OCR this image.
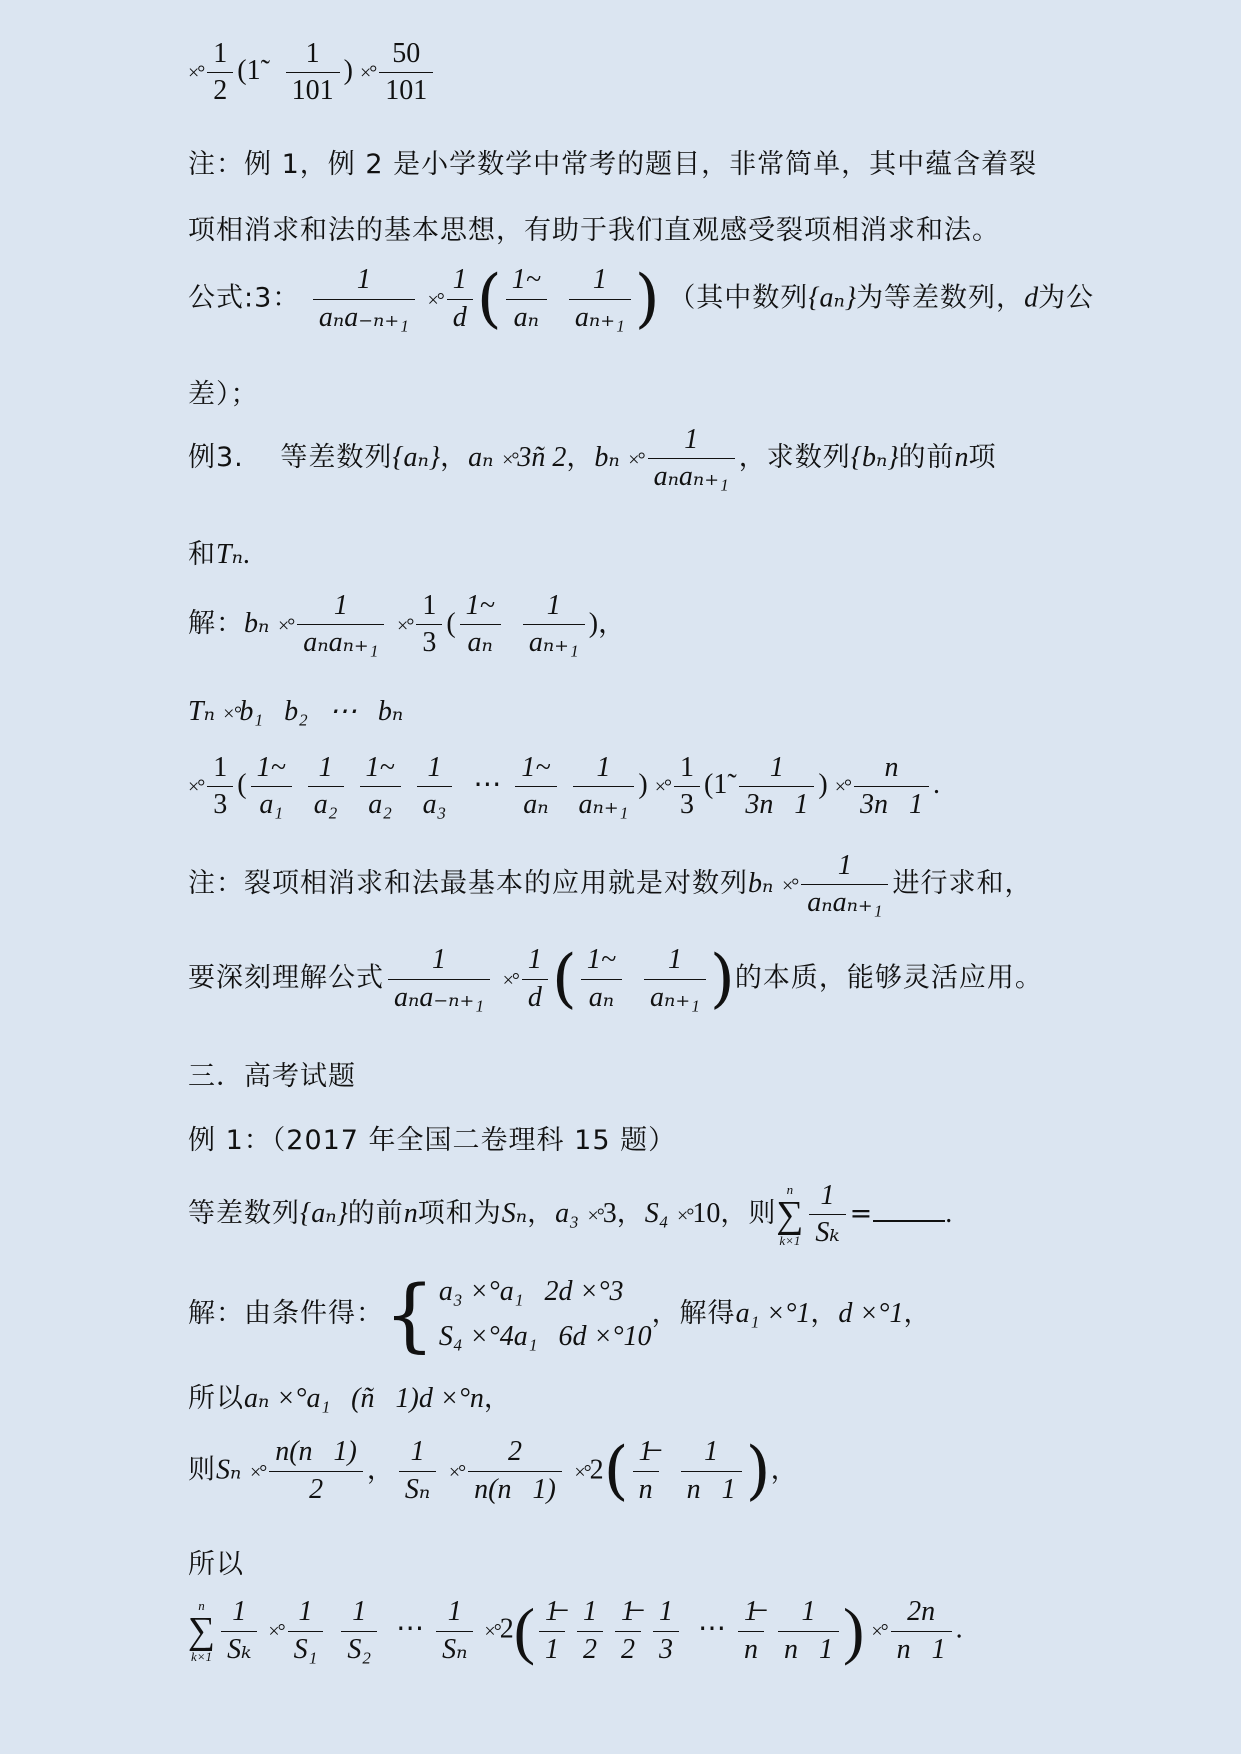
×° $\frac{1}{2}$ (1̃ $\frac{1}{101}$ ) ×° $\frac{50}{101}$
注：例 1，例 2 是小学数学中常考的题目，非常简单，其中蕴含着裂
项相消求和法的基本思想，有助于我们直观感受裂项相消求和法。
公式:3： $\frac{1}{\text{aₙa₋ₙ₊₁}}$ ×° $\frac{1}{d}$ ( $\frac{1\sim}{\text{aₙ}} \frac{1}{\text{aₙ₊₁}}$ ) （其中数列{aₙ}为等差数列，d为公
差）；
例3. 等差数列{aₙ}，aₙ ×°3ñ 2，bₙ ×° $\frac{1}{\text{aₙaₙ₊₁}}$ ，求数列{bₙ}的前n项
和Tₙ.
解：bₙ ×° $\frac{1}{\text{aₙaₙ₊₁}}$ ×° $\frac{1}{3}$ ( $\frac{1\sim}{\text{aₙ}} \frac{1}{\text{aₙ₊₁}}$ )，
Tₙ ×°b₁   b₂   ⋯   bₙ
×° $\frac{1}{3}$ ( $\frac{1\sim}{\text{a₁}} \frac{1}{\text{a₂}} \frac{1\sim}{\text{a₂}} \frac{1}{\text{a₃}}$ ⋯ $\frac{1\sim}{\text{aₙ}} \frac{1}{\text{aₙ₊₁}}$ ) ×° $\frac{1}{3}$ (1̃ $\frac{1}{3n 1}$ ) ×° $\frac{n}{3n 1}$ .
注：裂项相消求和法最基本的应用就是对数列bₙ ×° $\frac{1}{\text{aₙaₙ₊₁}}$ 进行求和，
要深刻理解公式 $\frac{1}{\text{aₙa₋ₙ₊₁}}$ ×° $\frac{1}{d}$ ( $\frac{1\sim}{\text{aₙ}} \frac{1}{\text{aₙ₊₁}}$ )的本质，能够灵活应用。
三．高考试题
例 1：（2017 年全国二卷理科 15 题）
等差数列{aₙ}的前n项和为Sₙ，a₃ ×°3，S₄ ×°10，则
n
∑
$k\times 1 \frac{1}{\text{Sₖ}}$ =	.
解：由条件得：{ a₃ ×°a₁   2d ×°3
S₄ ×°4a₁   6d ×°10
，解得a₁ ×°1，d ×°1，
所以aₙ ×°a₁   (ñ   1)d ×°n，
则Sₙ ×° $\frac{n(n 1)}{2}$ ， $\frac{1}{\text{Sₙ}}$ ×° $\frac{2}{n(n 1)} \times^\circ 2( \frac{1̶}{n} \frac{1}{n 1}$ )，
所以
n
∑
$k\times 1 \frac{1}{\text{Sₖ}}$ ×° $\frac{1}{\text{S₁}} \frac{1}{\text{S₂}}$ ⋯ $\frac{1}{\text{Sₙ}} \times^\circ 2( \frac{1̶}{1} \frac{1}{2} \frac{1̶}{2} \frac{1}{3}$ ⋯ $\frac{1̶}{n} \frac{1}{n 1}$ ) ×° $\frac{2n}{n 1}$ .
